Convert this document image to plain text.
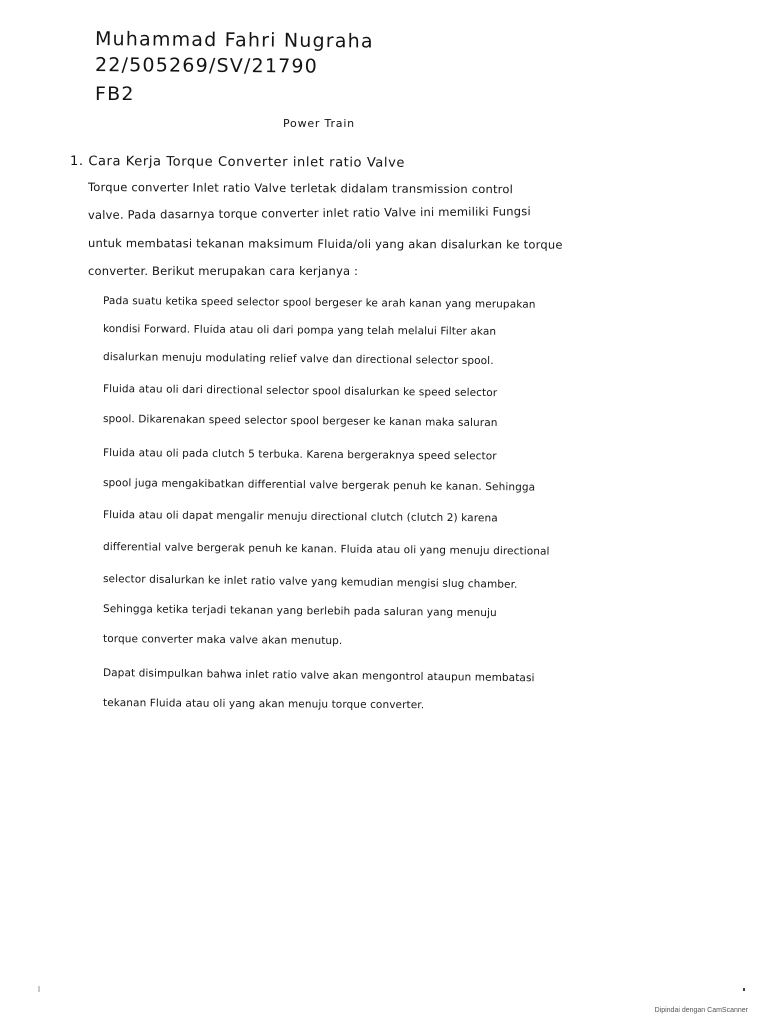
Muhammad Fahri Nugraha
22/505269/SV/21790
FB2
Power Train
1. Cara Kerja Torque Converter inlet ratio Valve
Torque converter Inlet ratio Valve terletak didalam transmission control
valve. Pada dasarnya torque converter inlet ratio Valve ini memiliki Fungsi
untuk membatasi tekanan maksimum Fluida/oli yang akan disalurkan ke torque
converter. Berikut merupakan cara kerjanya :
Pada suatu ketika speed selector spool bergeser ke arah kanan yang merupakan
kondisi Forward. Fluida atau oli dari pompa yang telah melalui Filter akan
disalurkan menuju modulating relief valve dan directional selector spool.
Fluida atau oli dari directional selector spool disalurkan ke speed selector
spool. Dikarenakan speed selector spool bergeser ke kanan maka saluran
Fluida atau oli pada clutch 5 terbuka. Karena bergeraknya speed selector
spool juga mengakibatkan differential valve bergerak penuh ke kanan. Sehingga
Fluida atau oli dapat mengalir menuju directional clutch (clutch 2) karena
differential valve bergerak penuh ke kanan. Fluida atau oli yang menuju directional
selector disalurkan ke inlet ratio valve yang kemudian mengisi slug chamber.
Sehingga ketika terjadi tekanan yang berlebih pada saluran yang menuju
torque converter maka valve akan menutup.
Dapat disimpulkan bahwa inlet ratio valve akan mengontrol ataupun membatasi
tekanan Fluida atau oli yang akan menuju torque converter.
Dipindai dengan CamScanner
